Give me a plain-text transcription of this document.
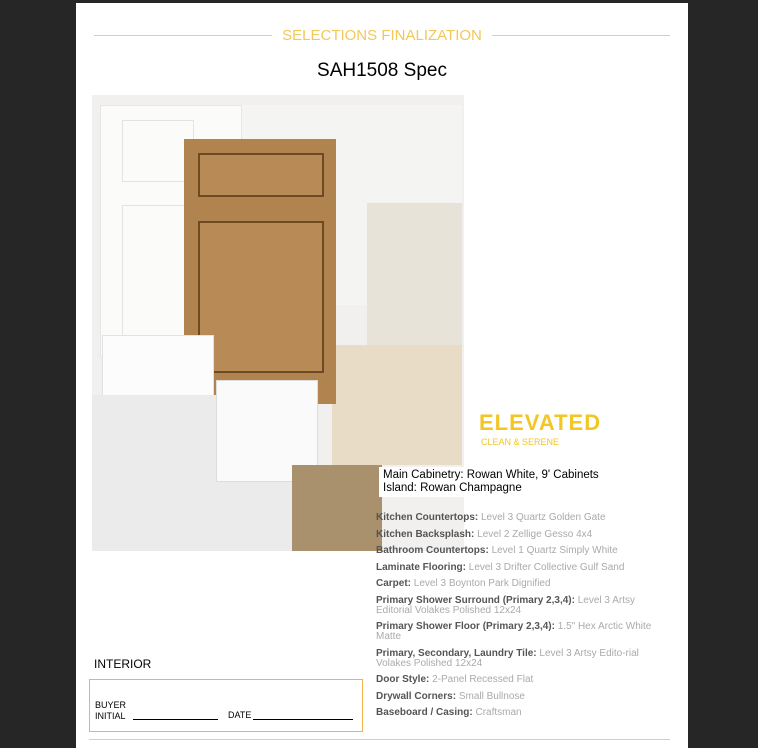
SELECTIONS FINALIZATION
SAH1508 Spec
ELEVATED
CLEAN & SERENE
Main Cabinetry: Rowan White, 9' Cabinets
Island: Rowan Champagne
Kitchen Countertops: Level 3 Quartz Golden Gate
Kitchen Backsplash: Level 2 Zellige Gesso 4x4
Bathroom Countertops: Level 1 Quartz Simply White
Laminate Flooring: Level 3 Drifter Collective Gulf Sand
Carpet: Level 3 Boynton Park Dignified
Primary Shower Surround (Primary 2,3,4): Level 3 Artsy Editorial Volakes Polished 12x24
Primary Shower Floor (Primary 2,3,4): 1.5" Hex Arctic White Matte
Primary, Secondary, Laundry Tile: Level 3 Artsy Edito-rial Volakes Polished 12x24
Door Style: 2-Panel Recessed Flat
Drywall Corners: Small Bullnose
Baseboard / Casing: Craftsman
INTERIOR
BUYER INITIAL	DATE
